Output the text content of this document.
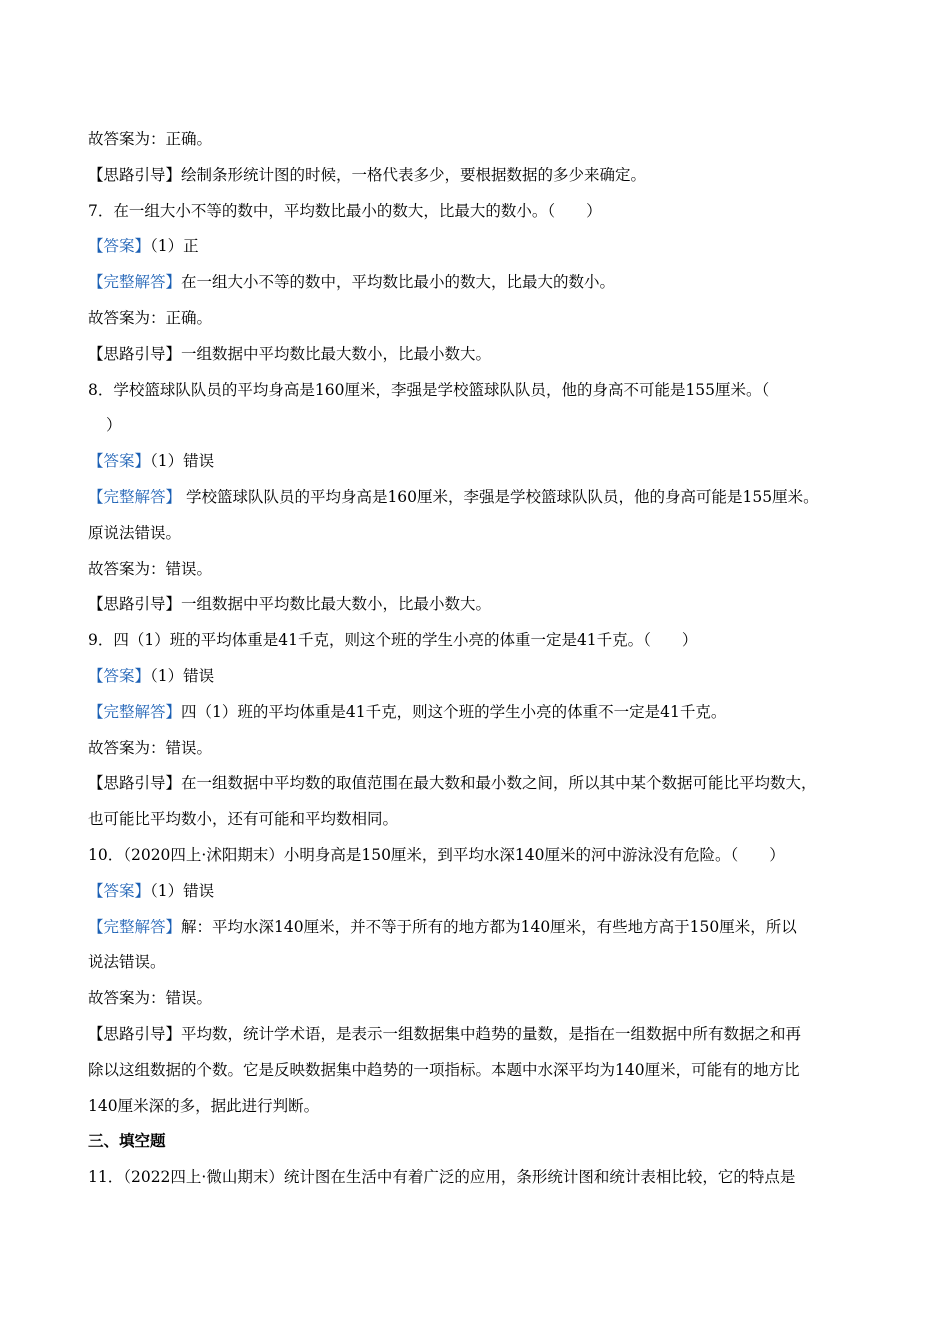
故答案为：正确。
【思路引导】绘制条形统计图的时候，一格代表多少，要根据数据的多少来确定。
7．在一组大小不等的数中，平均数比最小的数大，比最大的数小。（　　）
【答案】（1）正
【完整解答】在一组大小不等的数中，平均数比最小的数大，比最大的数小。
故答案为：正确。
【思路引导】一组数据中平均数比最大数小，比最小数大。
8．学校篮球队队员的平均身高是160厘米，李强是学校篮球队队员，他的身高不可能是155厘米。（
）
【答案】（1）错误
【完整解答】 学校篮球队队员的平均身高是160厘米，李强是学校篮球队队员，他的身高可能是155厘米。
原说法错误。
故答案为：错误。
【思路引导】一组数据中平均数比最大数小，比最小数大。
9．四（1）班的平均体重是41千克，则这个班的学生小亮的体重一定是41千克。（　　）
【答案】（1）错误
【完整解答】四（1）班的平均体重是41千克，则这个班的学生小亮的体重不一定是41千克。
故答案为：错误。
【思路引导】在一组数据中平均数的取值范围在最大数和最小数之间，所以其中某个数据可能比平均数大，
也可能比平均数小，还有可能和平均数相同。
10．（2020四上·沭阳期末）小明身高是150厘米，到平均水深140厘米的河中游泳没有危险。（　　）
【答案】（1）错误
【完整解答】解：平均水深140厘米，并不等于所有的地方都为140厘米，有些地方高于150厘米，所以
说法错误。
故答案为：错误。
【思路引导】平均数，统计学术语，是表示一组数据集中趋势的量数，是指在一组数据中所有数据之和再
除以这组数据的个数。它是反映数据集中趋势的一项指标。本题中水深平均为140厘米，可能有的地方比
140厘米深的多，据此进行判断。
三、填空题
11．（2022四上·微山期末）统计图在生活中有着广泛的应用，条形统计图和统计表相比较，它的特点是
